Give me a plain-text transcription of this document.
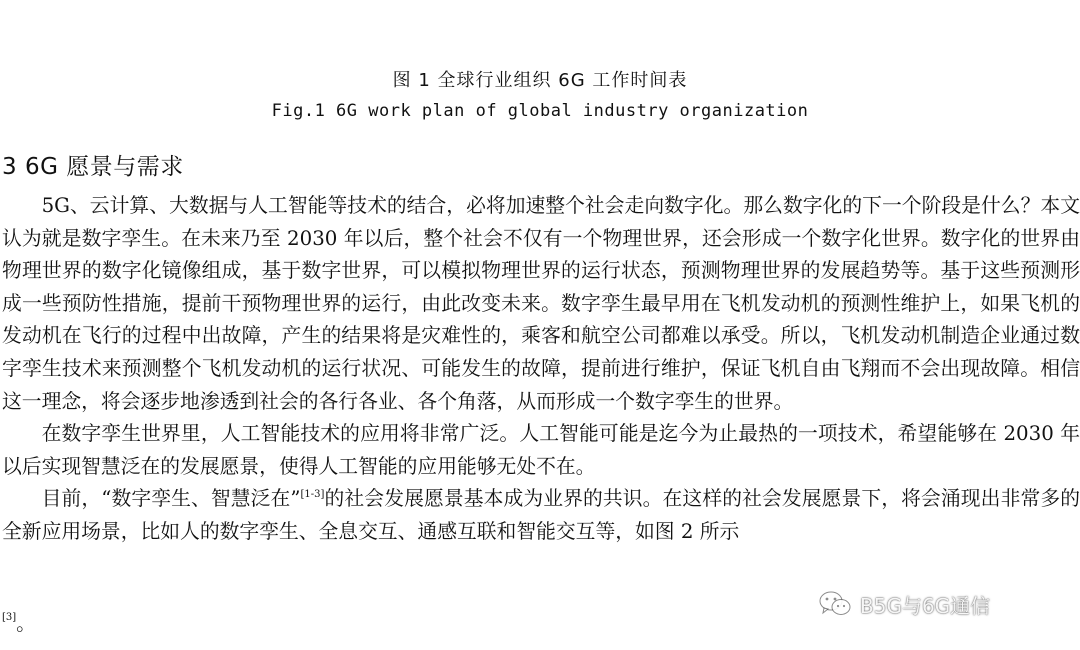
图 1 全球行业组织 6G 工作时间表
Fig.1 6G work plan of global industry organization
3 6G 愿景与需求

5G、云计算、大数据与人工智能等技术的结合，必将加速整个社会走向数字化。那么数字化的下一个阶段是什么？本文认为就是数字孪生。在未来乃至 2030 年以后，整个社会不仅有一个物理世界，还会形成一个数字化世界。数字化的世界由物理世界的数字化镜像组成，基于数字世界，可以模拟物理世界的运行状态，预测物理世界的发展趋势等。基于这些预测形成一些预防性措施，提前干预物理世界的运行，由此改变未来。数字孪生最早用在飞机发动机的预测性维护上，如果飞机的发动机在飞行的过程中出故障，产生的结果将是灾难性的，乘客和航空公司都难以承受。所以，飞机发动机制造企业通过数字孪生技术来预测整个飞机发动机的运行状况、可能发生的故障，提前进行维护，保证飞机自由飞翔而不会出现故障。相信这一理念，将会逐步地渗透到社会的各行各业、各个角落，从而形成一个数字孪生的世界。

在数字孪生世界里，人工智能技术的应用将非常广泛。人工智能可能是迄今为止最热的一项技术，希望能够在 2030 年以后实现智慧泛在的发展愿景，使得人工智能的应用能够无处不在。

目前，“数字孪生、智慧泛在”[1-3]的社会发展愿景基本成为业界的共识。在这样的社会发展愿景下，将会涌现出非常多的全新应用场景，比如人的数字孪生、全息交互、通感互联和智能交互等，如图 2 所示

[3]。
B5G与6G通信
